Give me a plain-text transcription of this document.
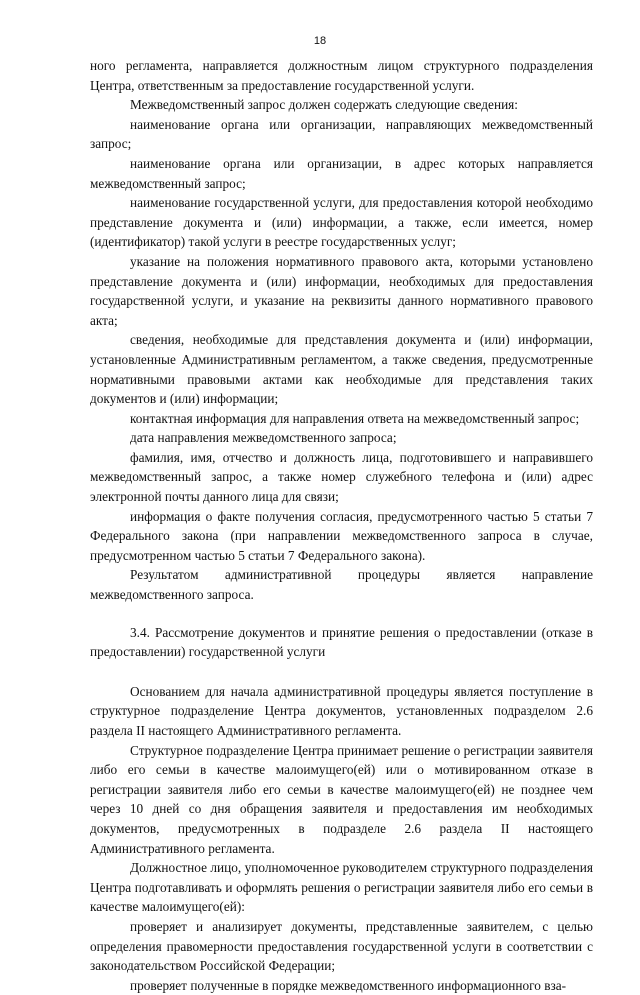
18

ного регламента, направляется должностным лицом структурного подразделения Центра, ответственным за предоставление государственной услуги.

Межведомственный запрос должен содержать следующие сведения:

наименование органа или организации, направляющих межведомственный запрос;

наименование органа или организации, в адрес которых направляется межведомственный запрос;

наименование государственной услуги, для предоставления которой необходимо представление документа и (или) информации, а также, если имеется, номер (идентификатор) такой услуги в реестре государственных услуг;

указание на положения нормативного правового акта, которыми установлено представление документа и (или) информации, необходимых для предоставления государственной услуги, и указание на реквизиты данного нормативного правового акта;

сведения, необходимые для представления документа и (или) информации, установленные Административным регламентом, а также сведения, предусмотренные нормативными правовыми актами как необходимые для представления таких документов и (или) информации;

контактная информация для направления ответа на межведомственный запрос;

дата направления межведомственного запроса;

фамилия, имя, отчество и должность лица, подготовившего и направившего межведомственный запрос, а также номер служебного телефона и (или) адрес электронной почты данного лица для связи;

информация о факте получения согласия, предусмотренного частью 5 статьи 7 Федерального закона (при направлении межведомственного запроса в случае, предусмотренном частью 5 статьи 7 Федерального закона).

Результатом административной процедуры является направление межведомственного запроса.

3.4. Рассмотрение документов и принятие решения о предоставлении (отказе в предоставлении) государственной услуги

Основанием для начала административной процедуры является поступление в структурное подразделение Центра документов, установленных подразделом 2.6 раздела II настоящего Административного регламента.

Структурное подразделение Центра принимает решение о регистрации заявителя либо его семьи в качестве малоимущего(ей) или о мотивированном отказе в регистрации заявителя либо его семьи в качестве малоимущего(ей) не позднее чем через 10 дней со дня обращения заявителя и предоставления им необходимых документов, предусмотренных в подразделе 2.6 раздела II настоящего Административного регламента.

Должностное лицо, уполномоченное руководителем структурного подразделения Центра подготавливать и оформлять решения о регистрации заявителя либо его семьи в качестве малоимущего(ей):

проверяет и анализирует документы, представленные заявителем, с целью определения правомерности предоставления государственной услуги в соответствии с законодательством Российской Федерации;

проверяет полученные в порядке межведомственного информационного вза-
